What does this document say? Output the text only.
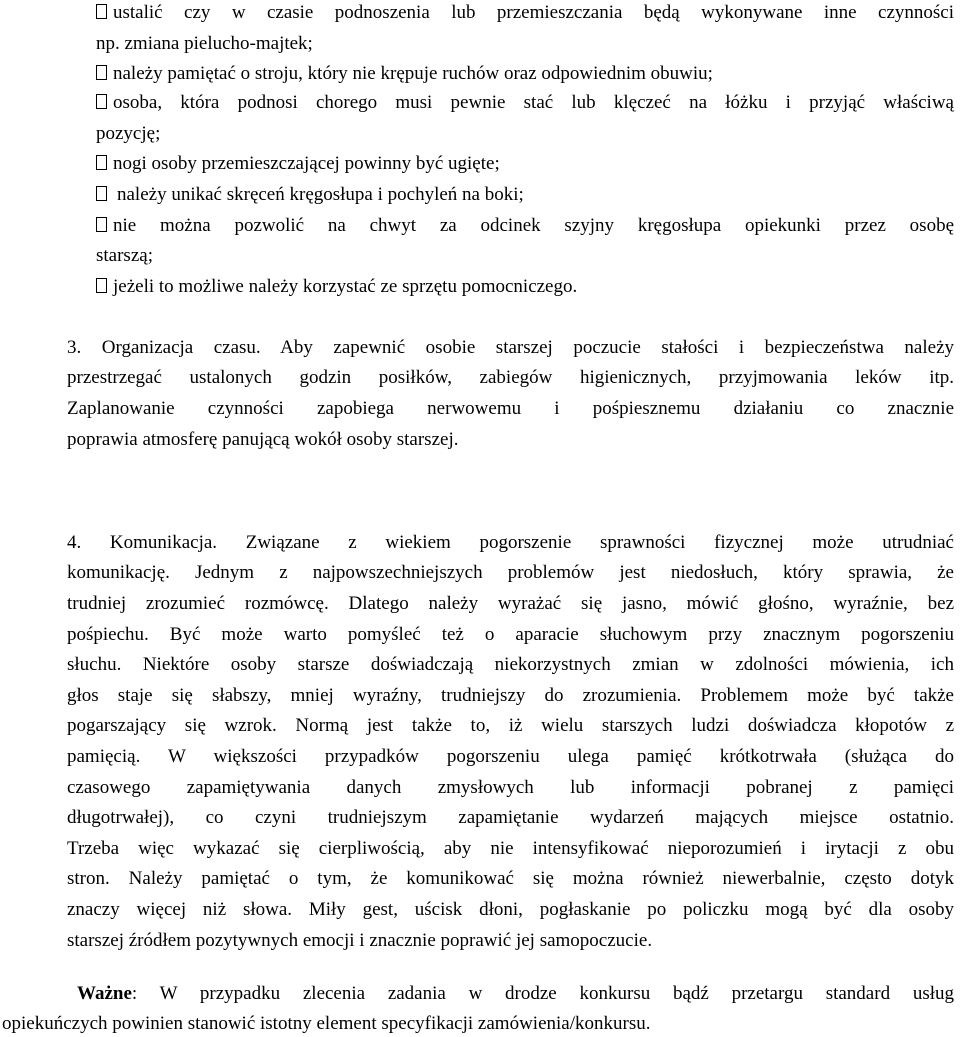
ustalić czy w czasie podnoszenia lub przemieszczania będą wykonywane inne czynności
np. zmiana pielucho-majtek;
należy pamiętać o stroju, który nie krępuje ruchów oraz odpowiednim obuwiu;
osoba, która podnosi chorego musi pewnie stać lub klęczeć na łóżku i przyjąć właściwą
pozycję;
nogi osoby przemieszczającej powinny być ugięte;
należy unikać skręceń kręgosłupa i pochyleń na boki;
nie można pozwolić na chwyt za odcinek szyjny kręgosłupa opiekunki przez osobę
starszą;
jeżeli to możliwe należy korzystać ze sprzętu pomocniczego.
3. Organizacja czasu. Aby zapewnić osobie starszej poczucie stałości i bezpieczeństwa należy
przestrzegać ustalonych godzin posiłków, zabiegów higienicznych, przyjmowania leków itp.
Zaplanowanie czynności zapobiega nerwowemu i pośpiesznemu działaniu co znacznie
poprawia atmosferę panującą wokół osoby starszej.
4. Komunikacja. Związane z wiekiem pogorszenie sprawności fizycznej może utrudniać
komunikację. Jednym z najpowszechniejszych problemów jest niedosłuch, który sprawia, że
trudniej zrozumieć rozmówcę. Dlatego należy wyrażać się jasno, mówić głośno, wyraźnie, bez
pośpiechu. Być może warto pomyśleć też o aparacie słuchowym przy znacznym pogorszeniu
słuchu. Niektóre osoby starsze doświadczają niekorzystnych zmian w zdolności mówienia, ich
głos staje się słabszy, mniej wyraźny, trudniejszy do zrozumienia. Problemem może być także
pogarszający się wzrok. Normą jest także to, iż wielu starszych ludzi doświadcza kłopotów z
pamięcią. W większości przypadków pogorszeniu ulega pamięć krótkotrwała (służąca do
czasowego zapamiętywania danych zmysłowych lub informacji pobranej z pamięci
długotrwałej), co czyni trudniejszym zapamiętanie wydarzeń mających miejsce ostatnio.
Trzeba więc wykazać się cierpliwością, aby nie intensyfikować nieporozumień i irytacji z obu
stron. Należy pamiętać o tym, że komunikować się można również niewerbalnie, często dotyk
znaczy więcej niż słowa. Miły gest, uścisk dłoni, pogłaskanie po policzku mogą być dla osoby
starszej źródłem pozytywnych emocji i znacznie poprawić jej samopoczucie.
Ważne: W przypadku zlecenia zadania w drodze konkursu bądź przetargu standard usług
opiekuńczych powinien stanowić istotny element specyfikacji zamówienia/konkursu.
